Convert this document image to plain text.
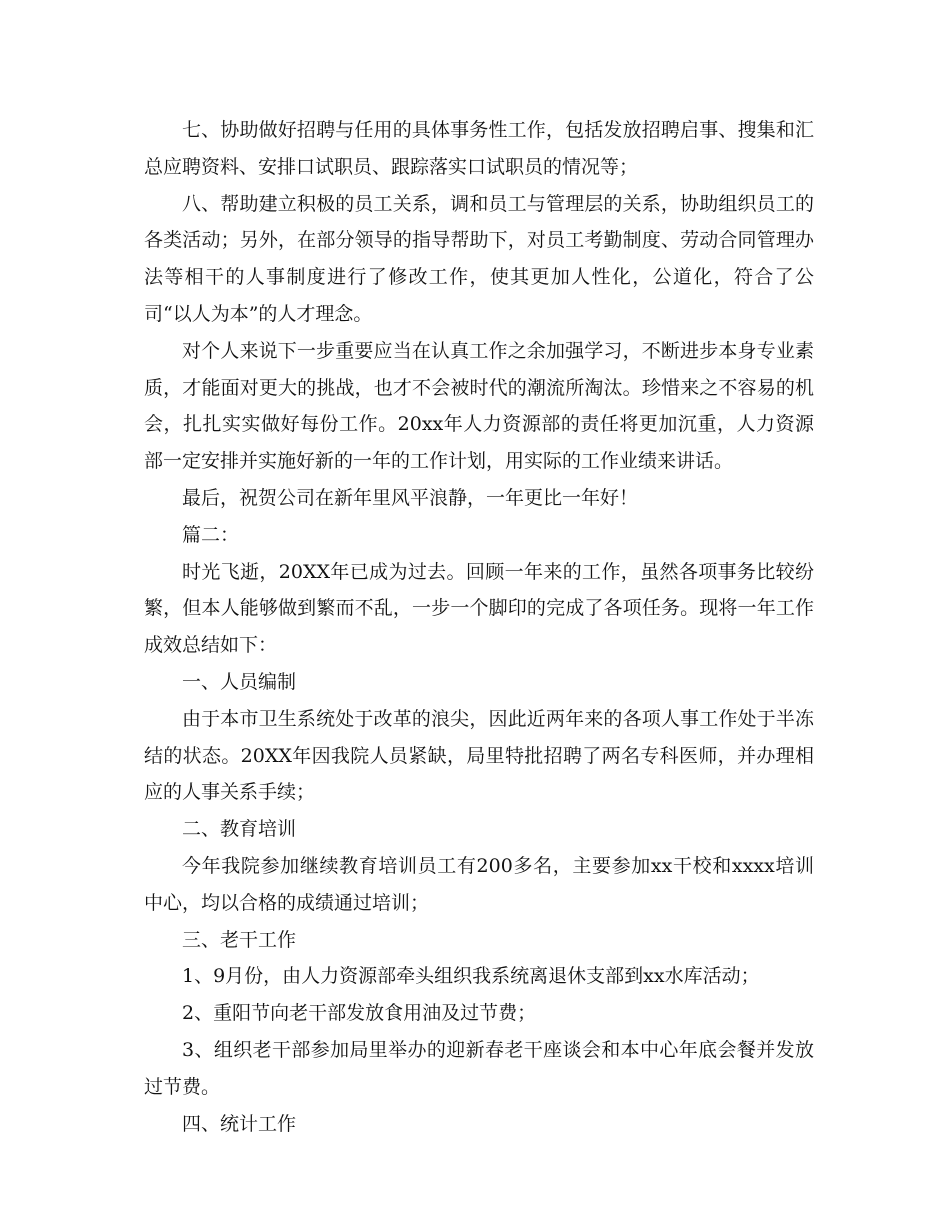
七、协助做好招聘与任用的具体事务性工作，包括发放招聘启事、搜集和汇总应聘资料、安排口试职员、跟踪落实口试职员的情况等；

八、帮助建立积极的员工关系，调和员工与管理层的关系，协助组织员工的各类活动；另外，在部分领导的指导帮助下，对员工考勤制度、劳动合同管理办法等相干的人事制度进行了修改工作，使其更加人性化，公道化，符合了公司“以人为本”的人才理念。

对个人来说下一步重要应当在认真工作之余加强学习，不断进步本身专业素质，才能面对更大的挑战，也才不会被时代的潮流所淘汰。珍惜来之不容易的机会，扎扎实实做好每份工作。20xx年人力资源部的责任将更加沉重，人力资源部一定安排并实施好新的一年的工作计划，用实际的工作业绩来讲话。

最后，祝贺公司在新年里风平浪静，一年更比一年好！

篇二：

时光飞逝，20XX年已成为过去。回顾一年来的工作，虽然各项事务比较纷繁，但本人能够做到繁而不乱，一步一个脚印的完成了各项任务。现将一年工作成效总结如下：

一、人员编制

由于本市卫生系统处于改革的浪尖，因此近两年来的各项人事工作处于半冻结的状态。20XX年因我院人员紧缺，局里特批招聘了两名专科医师，并办理相应的人事关系手续；

二、教育培训

今年我院参加继续教育培训员工有200多名，主要参加xx干校和xxxx培训中心，均以合格的成绩通过培训；

三、老干工作

1、9月份，由人力资源部牵头组织我系统离退休支部到xx水库活动；

2、重阳节向老干部发放食用油及过节费；

3、组织老干部参加局里举办的迎新春老干座谈会和本中心年底会餐并发放过节费。

四、统计工作
